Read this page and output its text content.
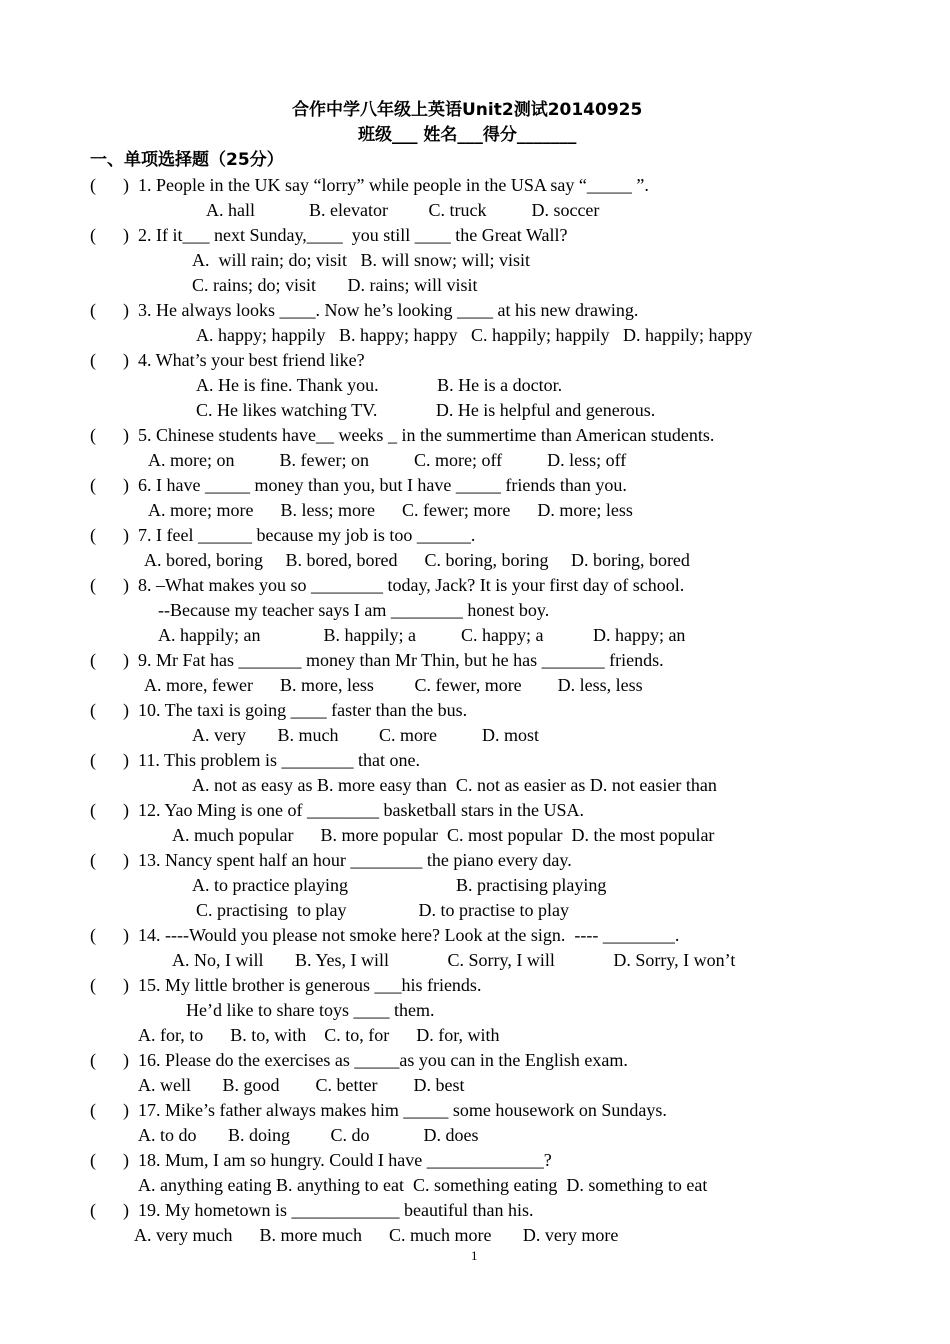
合作中学八年级上英语Unit2测试20140925
班级___ 姓名___得分_______
一、单项选择题（25分）
(      )  1. People in the UK say “lorry” while people in the USA say “_____ ”.
A. hall            B. elevator         C. truck          D. soccer
(      )  2. If it___ next Sunday,____  you still ____ the Great Wall?
A.  will rain; do; visit   B. will snow; will; visit
C. rains; do; visit       D. rains; will visit
(      )  3. He always looks ____. Now he’s looking ____ at his new drawing.
A. happy; happily   B. happy; happy   C. happily; happily   D. happily; happy
(      )  4. What’s your best friend like?
A. He is fine. Thank you.             B. He is a doctor.
C. He likes watching TV.             D. He is helpful and generous.
(      )  5. Chinese students have__ weeks _ in the summertime than American students.
A. more; on          B. fewer; on          C. more; off          D. less; off
(      )  6. I have _____ money than you, but I have _____ friends than you.
A. more; more      B. less; more      C. fewer; more      D. more; less
(      )  7. I feel ______ because my job is too ______.
A. bored, boring     B. bored, bored      C. boring, boring     D. boring, bored
(      )  8. –What makes you so ________ today, Jack? It is your first day of school.
--Because my teacher says I am ________ honest boy.
A. happily; an              B. happily; a          C. happy; a           D. happy; an
(      )  9. Mr Fat has _______ money than Mr Thin, but he has _______ friends.
A. more, fewer      B. more, less         C. fewer, more        D. less, less
(      )  10. The taxi is going ____ faster than the bus.
A. very       B. much         C. more          D. most
(      )  11. This problem is ________ that one.
A. not as easy as B. more easy than  C. not as easier as D. not easier than
(      )  12. Yao Ming is one of ________ basketball stars in the USA.
A. much popular      B. more popular  C. most popular  D. the most popular
(      )  13. Nancy spent half an hour ________ the piano every day.
A. to practice playing                        B. practising playing
C. practising  to play                D. to practise to play
(      )  14. ----Would you please not smoke here? Look at the sign.  ---- ________.
A. No, I will       B. Yes, I will             C. Sorry, I will             D. Sorry, I won’t
(      )  15. My little brother is generous ___his friends.
He’d like to share toys ____ them.
A. for, to      B. to, with    C. to, for      D. for, with
(      )  16. Please do the exercises as _____as you can in the English exam.
A. well       B. good        C. better        D. best
(      )  17. Mike’s father always makes him _____ some housework on Sundays.
A. to do       B. doing         C. do            D. does
(      )  18. Mum, I am so hungry. Could I have _____________?
A. anything eating B. anything to eat  C. something eating  D. something to eat
(      )  19. My hometown is ____________ beautiful than his.
A. very much      B. more much      C. much more       D. very more
1
